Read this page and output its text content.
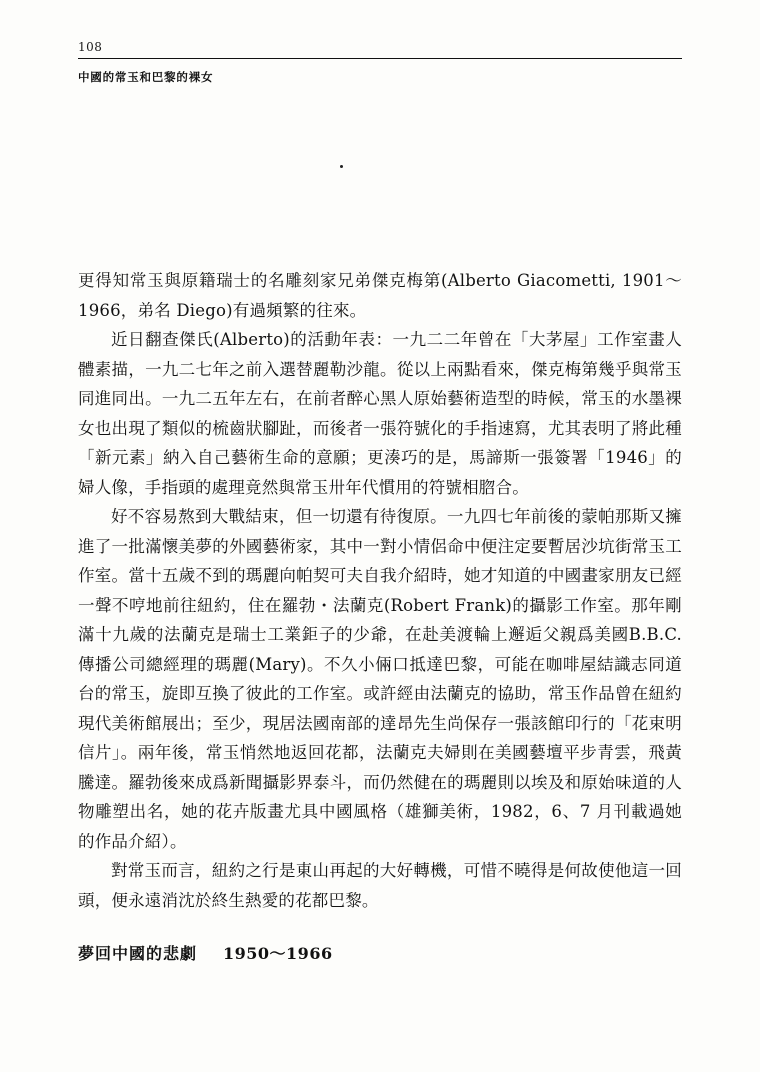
108
中國的常玉和巴黎的裸女

更得知常玉與原籍瑞士的名雕刻家兄弟傑克梅第(Alberto Giacometti, 1901～1966，弟名 Diego)有過頻繁的往來。

近日翻查傑氏(Alberto)的活動年表：一九二二年曾在「大茅屋」工作室畫人體素描，一九二七年之前入選替麗勒沙龍。從以上兩點看來，傑克梅第幾乎與常玉同進同出。一九二五年左右，在前者醉心黑人原始藝術造型的時候，常玉的水墨裸女也出現了類似的梳齒狀腳趾，而後者一張符號化的手指速寫，尤其表明了將此種「新元素」納入自己藝術生命的意願；更湊巧的是，馬諦斯一張簽署「1946」的婦人像，手指頭的處理竟然與常玉卅年代慣用的符號相脗合。

好不容易熬到大戰結束，但一切還有待復原。一九四七年前後的蒙帕那斯又擁進了一批滿懷美夢的外國藝術家，其中一對小情侶命中便注定要暫居沙坑街常玉工作室。當十五歲不到的瑪麗向帕契可夫自我介紹時，她才知道的中國畫家朋友已經一聲不哼地前往紐約，住在羅勃・法蘭克(Robert Frank)的攝影工作室。那年剛滿十九歲的法蘭克是瑞士工業鉅子的少爺，在赴美渡輪上邂逅父親爲美國B.B.C. 傳播公司總經理的瑪麗(Mary)。不久小倆口抵達巴黎，可能在咖啡屋結識志同道台的常玉，旋即互換了彼此的工作室。或許經由法蘭克的協助，常玉作品曾在紐約現代美術館展出；至少，現居法國南部的達昂先生尚保存一張該館印行的「花束明信片」。兩年後，常玉悄然地返回花都，法蘭克夫婦則在美國藝壇平步青雲，飛黃騰達。羅勃後來成爲新聞攝影界泰斗，而仍然健在的瑪麗則以埃及和原始味道的人物雕塑出名，她的花卉版畫尤具中國風格（雄獅美術，1982，6、7 月刊載過她的作品介紹）。

對常玉而言，紐約之行是東山再起的大好轉機，可惜不曉得是何故使他這一回頭，便永遠消沈於終生熱愛的花都巴黎。

夢回中國的悲劇 1950～1966
